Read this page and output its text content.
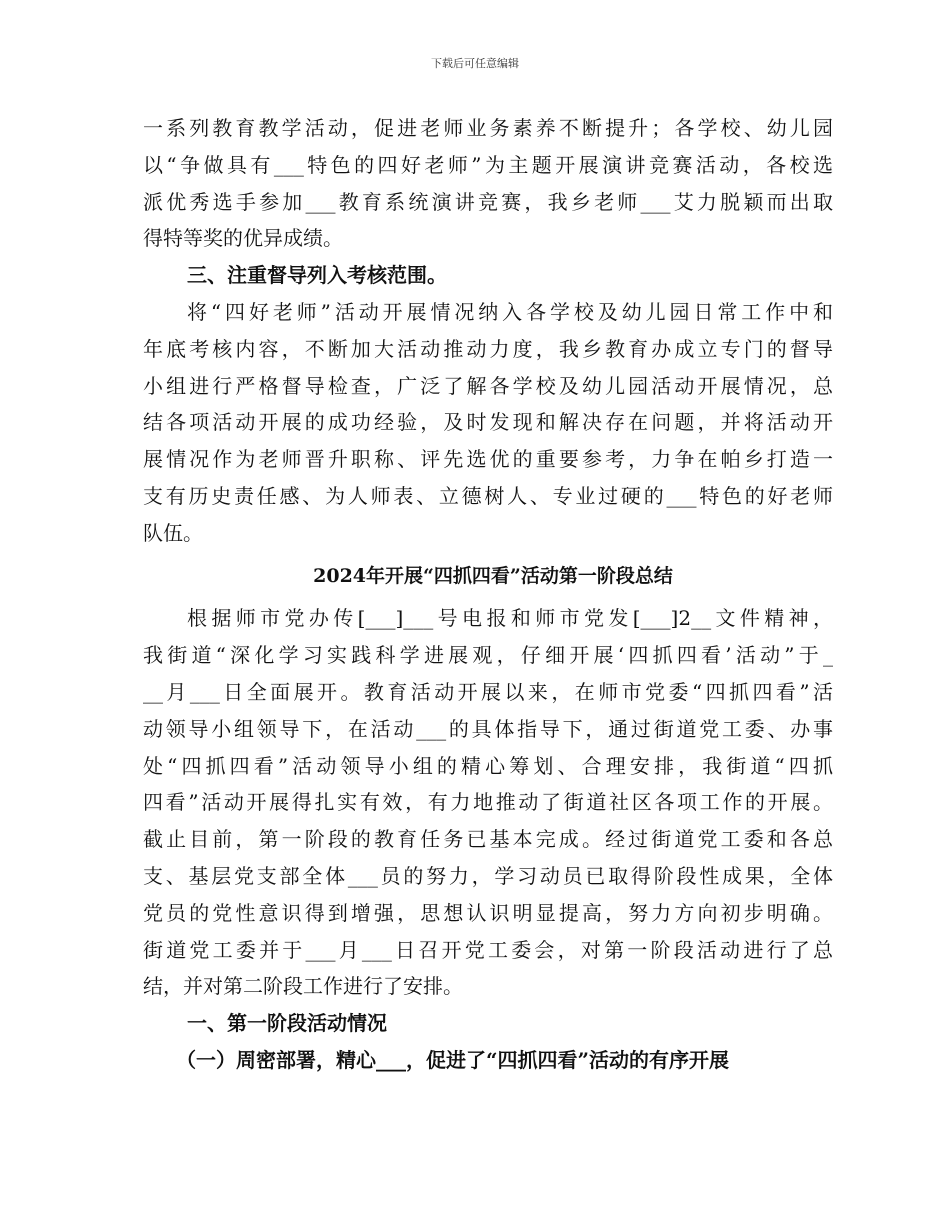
下载后可任意编辑
一系列教育教学活动，促进老师业务素养不断提升；各学校、幼儿园
以“争做具有___特色的四好老师”为主题开展演讲竞赛活动，各校选
派优秀选手参加___教育系统演讲竞赛，我乡老师___艾力脱颖而出取
得特等奖的优异成绩。
三、注重督导列入考核范围。
将“四好老师”活动开展情况纳入各学校及幼儿园日常工作中和
年底考核内容，不断加大活动推动力度，我乡教育办成立专门的督导
小组进行严格督导检查，广泛了解各学校及幼儿园活动开展情况，总
结各项活动开展的成功经验，及时发现和解决存在问题，并将活动开
展情况作为老师晋升职称、评先选优的重要参考，力争在帕乡打造一
支有历史责任感、为人师表、立德树人、专业过硬的___特色的好老师
队伍。
2024年开展“四抓四看”活动第一阶段总结
根据师市党办传[___]___号电报和师市党发[___]2__文件精神，
我街道“深化学习实践科学进展观，仔细开展‘四抓四看’活动”于_
__月___日全面展开。教育活动开展以来，在师市党委“四抓四看”活
动领导小组领导下，在活动___的具体指导下，通过街道党工委、办事
处“四抓四看”活动领导小组的精心筹划、合理安排，我街道“四抓
四看”活动开展得扎实有效，有力地推动了街道社区各项工作的开展。
截止目前，第一阶段的教育任务已基本完成。经过街道党工委和各总
支、基层党支部全体___员的努力，学习动员已取得阶段性成果，全体
党员的党性意识得到增强，思想认识明显提高，努力方向初步明确。
街道党工委并于___月___日召开党工委会，对第一阶段活动进行了总
结，并对第二阶段工作进行了安排。
一、第一阶段活动情况
（一）周密部署，精心___，促进了“四抓四看”活动的有序开展
